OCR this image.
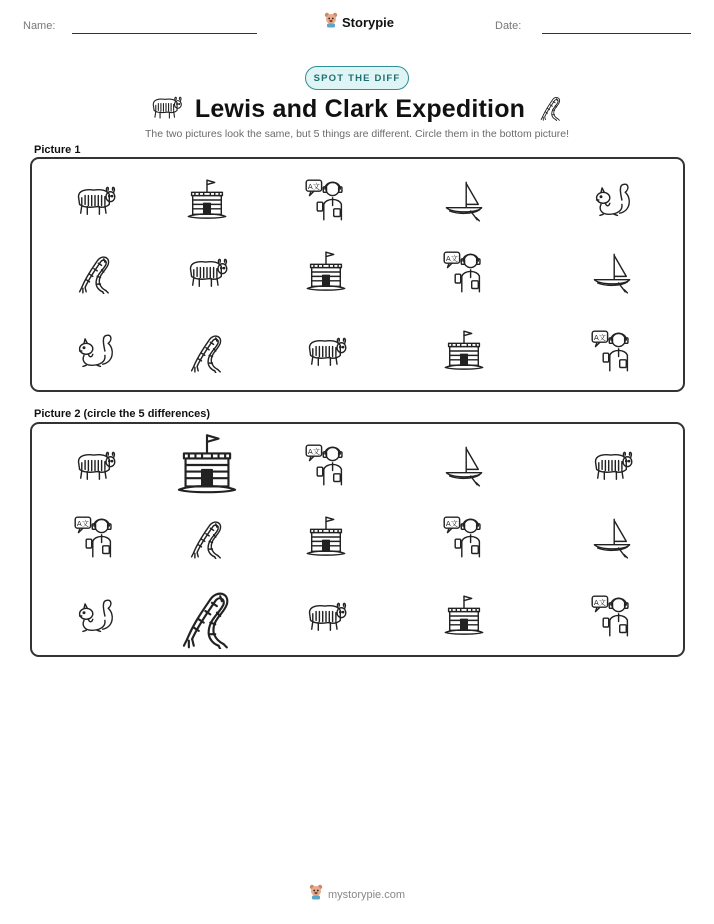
Name:	Storypie	Date:
SPOT THE DIFF
Lewis and Clark Expedition
The two pictures look the same, but 5 things are different. Circle them in the bottom picture!
Picture 1
Picture 2 (circle the 5 differences)
mystorypie.com
